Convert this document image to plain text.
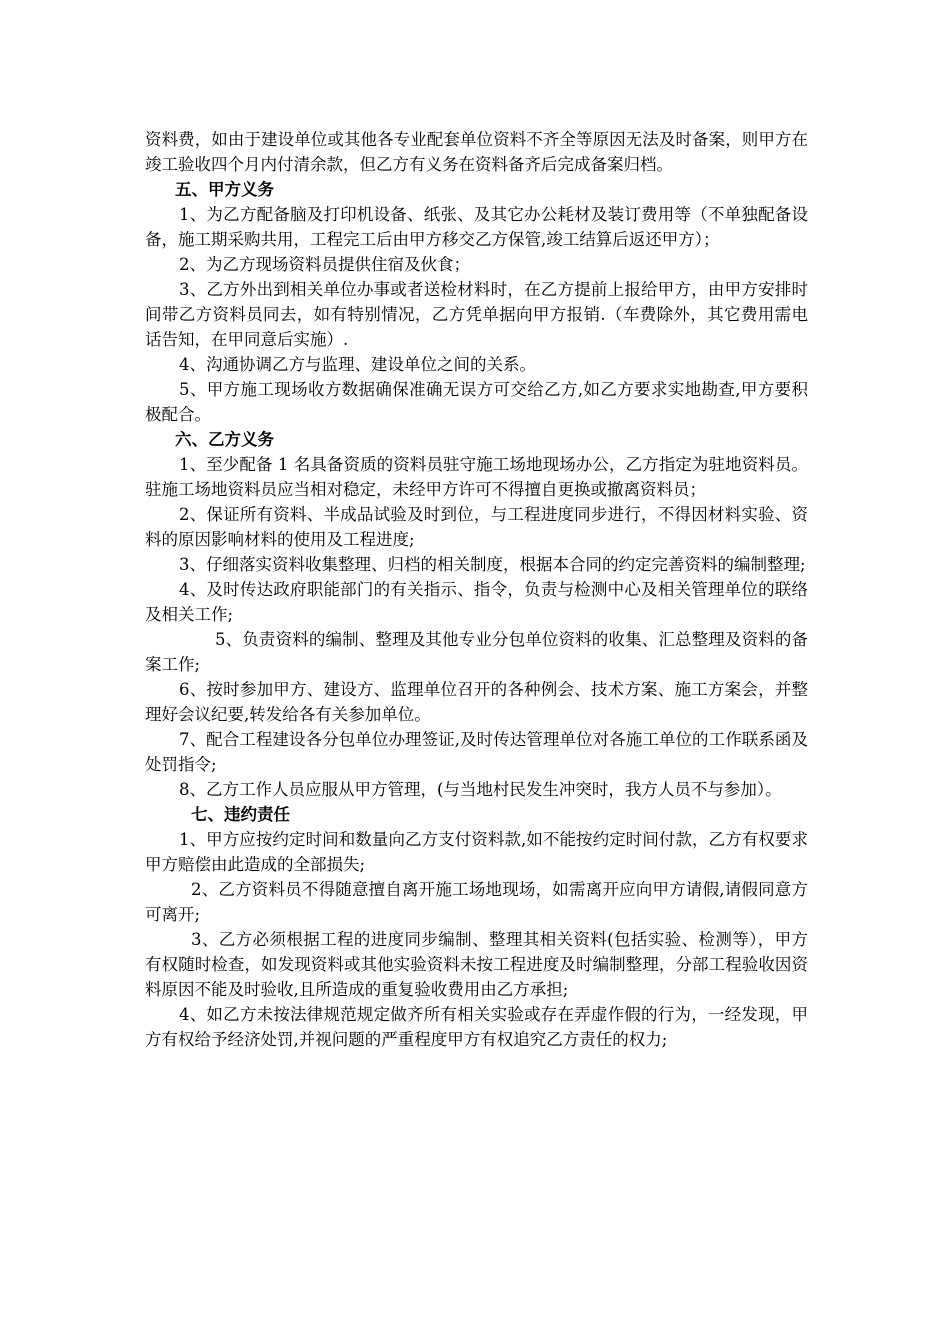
资料费，如由于建设单位或其他各专业配套单位资料不齐全等原因无法及时备案，则甲方在竣工验收四个月内付清余款，但乙方有义务在资料备齐后完成备案归档。

五、甲方义务

1、为乙方配备脑及打印机设备、纸张、及其它办公耗材及装订费用等（不单独配备设备，施工期采购共用，工程完工后由甲方移交乙方保管,竣工结算后返还甲方）；

2、为乙方现场资料员提供住宿及伙食；

3、乙方外出到相关单位办事或者送检材料时，在乙方提前上报给甲方，由甲方安排时间带乙方资料员同去，如有特别情况，乙方凭单据向甲方报销.（车费除外，其它费用需电话告知，在甲同意后实施）.

4、沟通协调乙方与监理、建设单位之间的关系。

5、甲方施工现场收方数据确保准确无误方可交给乙方,如乙方要求实地勘查,甲方要积极配合。

六、乙方义务

1、至少配备 1 名具备资质的资料员驻守施工场地现场办公，乙方指定为驻地资料员。驻施工场地资料员应当相对稳定，未经甲方许可不得擅自更换或撤离资料员；

2、保证所有资料、半成品试验及时到位，与工程进度同步进行，不得因材料实验、资料的原因影响材料的使用及工程进度;

3、仔细落实资料收集整理、归档的相关制度，根据本合同的约定完善资料的编制整理;

4、及时传达政府职能部门的有关指示、指令，负责与检测中心及相关管理单位的联络及相关工作;

5、负责资料的编制、整理及其他专业分包单位资料的收集、汇总整理及资料的备案工作;

6、按时参加甲方、建设方、监理单位召开的各种例会、技术方案、施工方案会，并整理好会议纪要,转发给各有关参加单位。

7、配合工程建设各分包单位办理签证,及时传达管理单位对各施工单位的工作联系函及处罚指令;

8、乙方工作人员应服从甲方管理，(与当地村民发生冲突时，我方人员不与参加）。

七、违约责任

1、甲方应按约定时间和数量向乙方支付资料款,如不能按约定时间付款，乙方有权要求甲方赔偿由此造成的全部损失;

2、乙方资料员不得随意擅自离开施工场地现场，如需离开应向甲方请假,请假同意方可离开;

3、乙方必须根据工程的进度同步编制、整理其相关资料(包括实验、检测等），甲方有权随时检查，如发现资料或其他实验资料未按工程进度及时编制整理，分部工程验收因资料原因不能及时验收,且所造成的重复验收费用由乙方承担;

4、如乙方未按法律规范规定做齐所有相关实验或存在弄虚作假的行为，一经发现，甲方有权给予经济处罚,并视问题的严重程度甲方有权追究乙方责任的权力;
